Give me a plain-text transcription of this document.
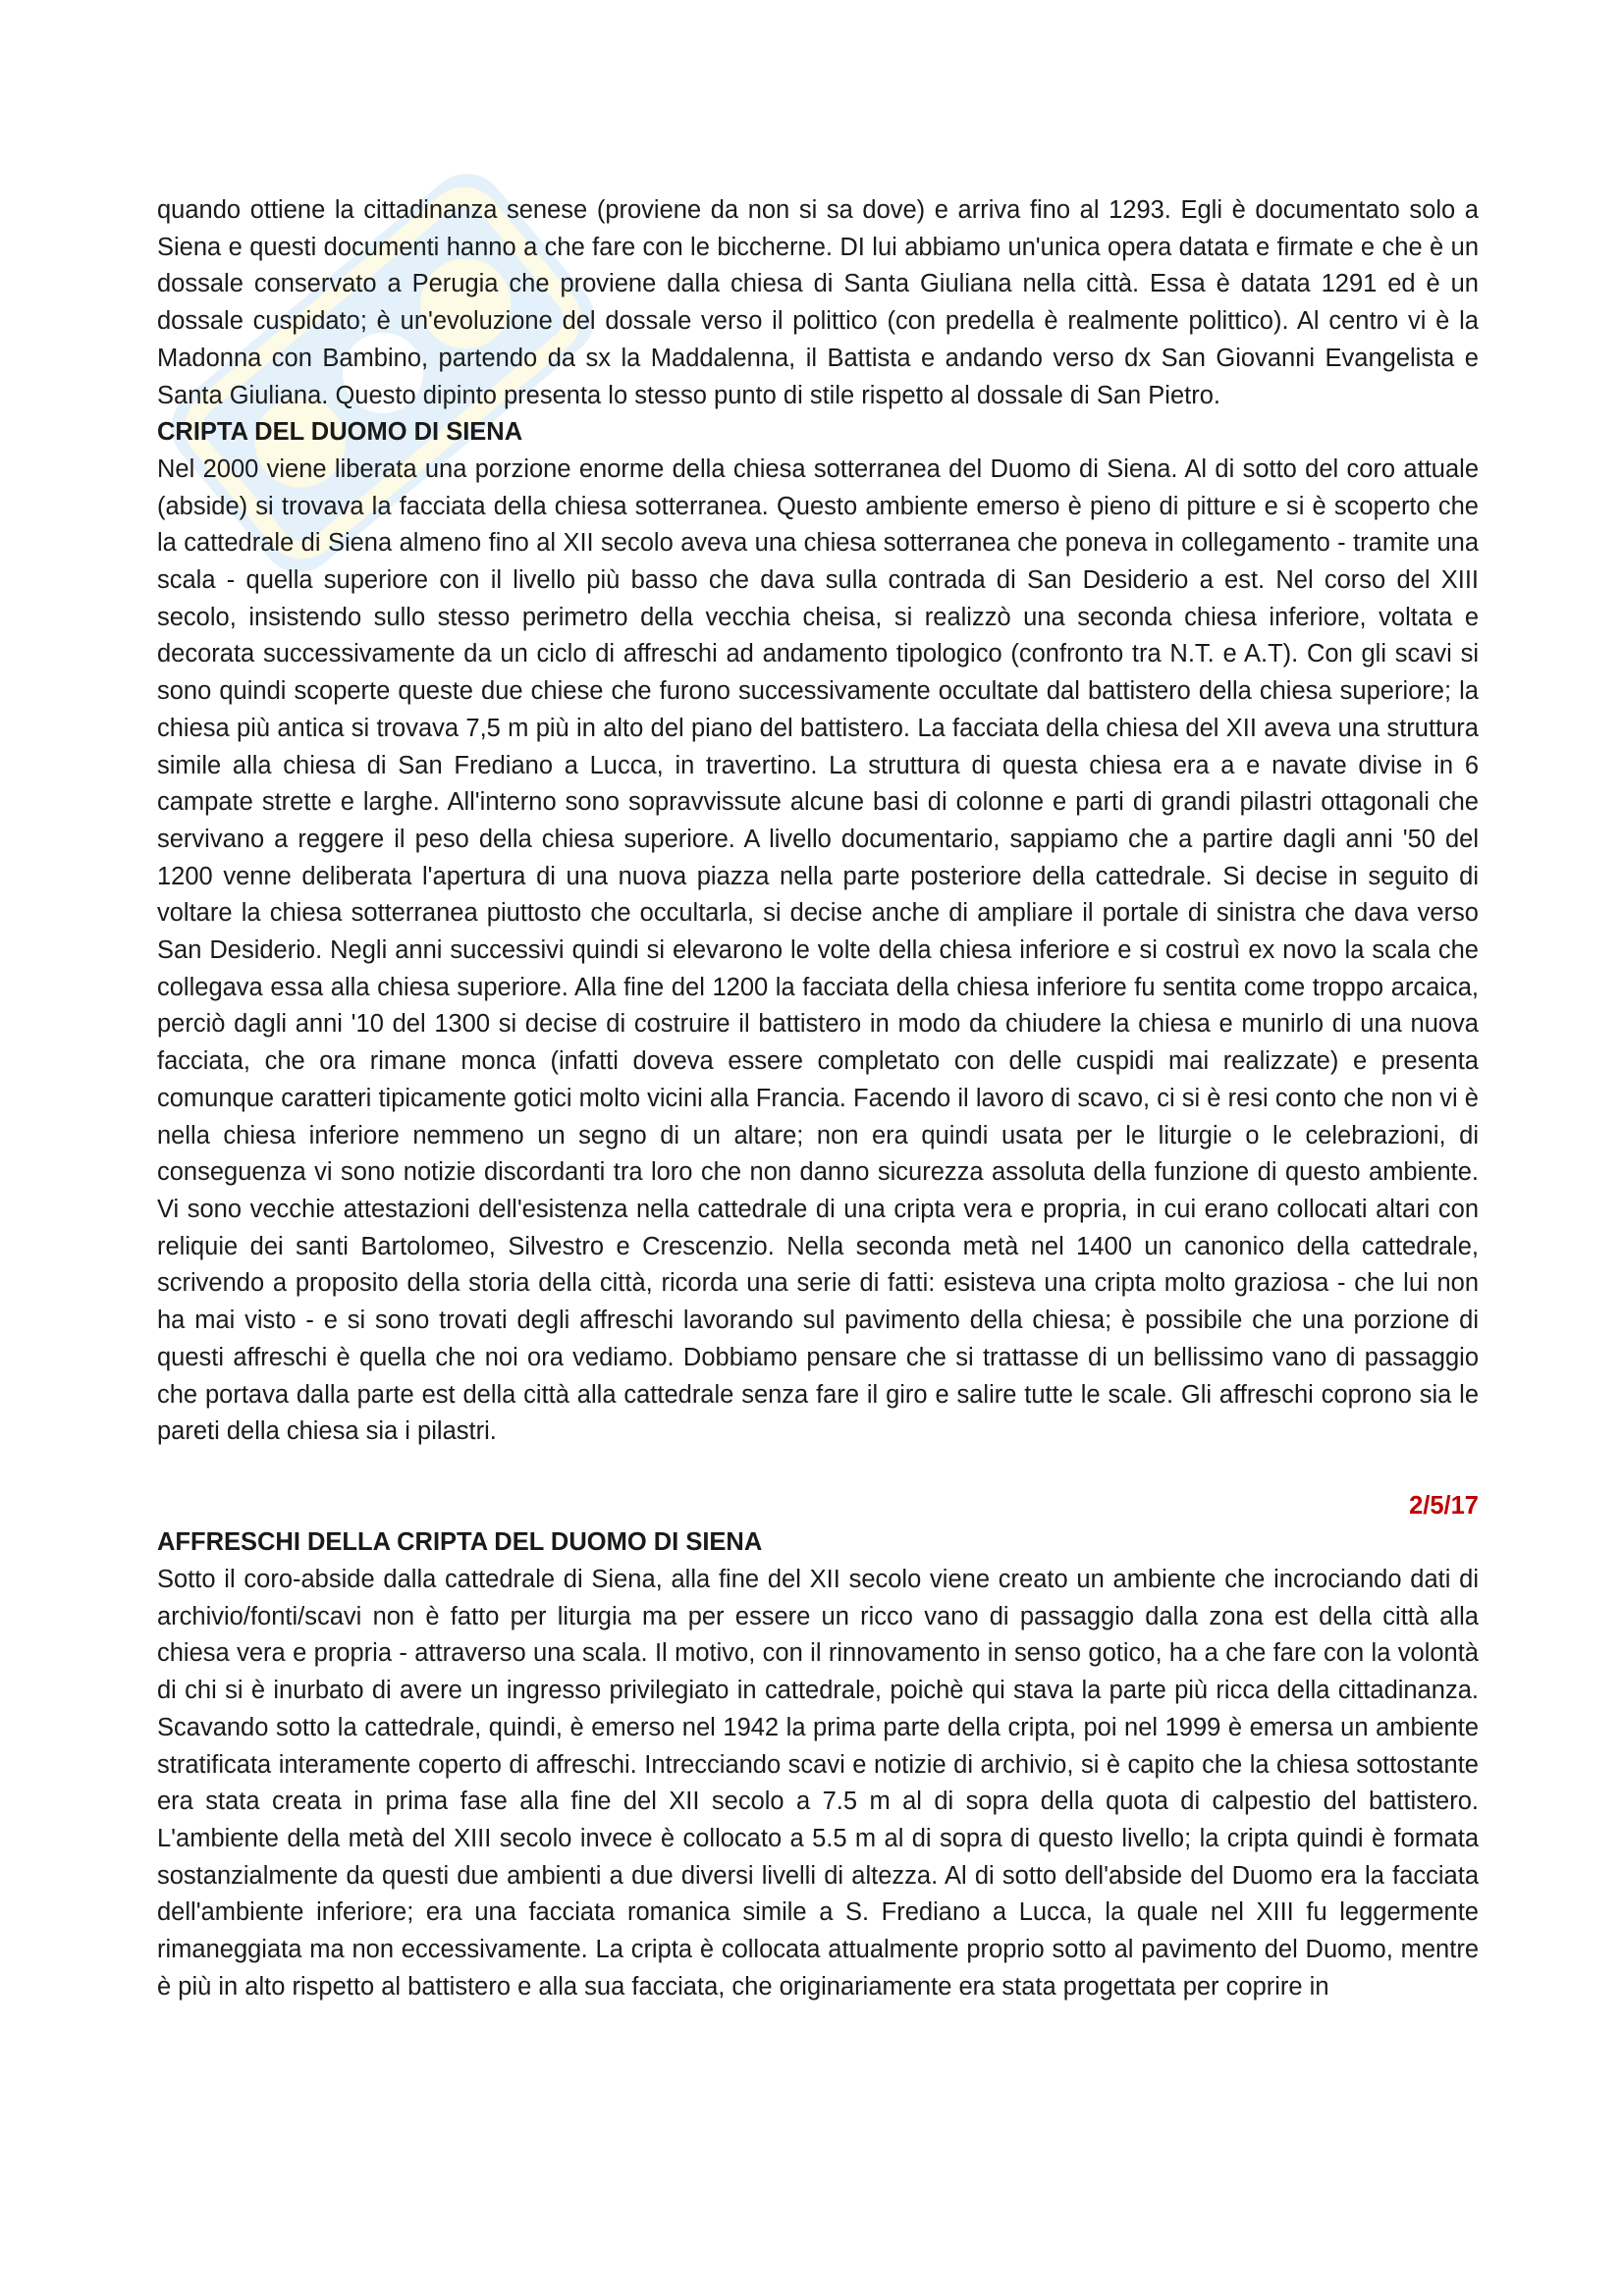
quando ottiene la cittadinanza senese (proviene da non si sa dove) e arriva fino al 1293. Egli è documentato solo a Siena e questi documenti hanno a che fare con le biccherne. DI lui abbiamo un'unica opera datata e firmate e che è un dossale conservato a Perugia che proviene dalla chiesa di Santa Giuliana nella città. Essa è datata 1291 ed è un dossale cuspidato; è un'evoluzione del dossale verso il polittico (con predella è realmente polittico). Al centro vi è la Madonna con Bambino, partendo da sx la Maddalenna, il Battista e andando verso dx San Giovanni Evangelista e Santa Giuliana. Questo dipinto presenta lo stesso punto di stile rispetto al dossale di San Pietro.

CRIPTA DEL DUOMO DI SIENA

Nel 2000 viene liberata una porzione enorme della chiesa sotterranea del Duomo di Siena. Al di sotto del coro attuale (abside) si trovava la facciata della chiesa sotterranea. Questo ambiente emerso è pieno di pitture e si è scoperto che la cattedrale di Siena almeno fino al XII secolo aveva una chiesa sotterranea che poneva in collegamento - tramite una scala - quella superiore con il livello più basso che dava sulla contrada di San Desiderio a est. Nel corso del XIII secolo, insistendo sullo stesso perimetro della vecchia cheisa, si realizzò una seconda chiesa inferiore, voltata e decorata successivamente da un ciclo di affreschi ad andamento tipologico (confronto tra N.T. e A.T). Con gli scavi si sono quindi scoperte queste due chiese che furono successivamente occultate dal battistero della chiesa superiore; la chiesa più antica si trovava 7,5 m più in alto del piano del battistero. La facciata della chiesa del XII aveva una struttura simile alla chiesa di San Frediano a Lucca, in travertino. La struttura di questa chiesa era a e navate divise in 6 campate strette e larghe. All'interno sono sopravvissute alcune basi di colonne e parti di grandi pilastri ottagonali che servivano a reggere il peso della chiesa superiore. A livello documentario, sappiamo che a partire dagli anni '50 del 1200 venne deliberata l'apertura di una nuova piazza nella parte posteriore della cattedrale. Si decise in seguito di voltare la chiesa sotterranea piuttosto che occultarla, si decise anche di ampliare il portale di sinistra che dava verso San Desiderio. Negli anni successivi quindi si elevarono le volte della chiesa inferiore e si costruì ex novo la scala che collegava essa alla chiesa superiore. Alla fine del 1200 la facciata della chiesa inferiore fu sentita come troppo arcaica, perciò dagli anni '10 del 1300 si decise di costruire il battistero in modo da chiudere la chiesa e munirlo di una nuova facciata, che ora rimane monca (infatti doveva essere completato con delle cuspidi mai realizzate) e presenta comunque caratteri tipicamente gotici molto vicini alla Francia. Facendo il lavoro di scavo, ci si è resi conto che non vi è nella chiesa inferiore nemmeno un segno di un altare; non era quindi usata per le liturgie o le celebrazioni, di conseguenza vi sono notizie discordanti tra loro che non danno sicurezza assoluta della funzione di questo ambiente. Vi sono vecchie attestazioni dell'esistenza nella cattedrale di una cripta vera e propria, in cui erano collocati altari con reliquie dei santi Bartolomeo, Silvestro e Crescenzio. Nella seconda metà nel 1400 un canonico della cattedrale, scrivendo a proposito della storia della città, ricorda una serie di fatti: esisteva una cripta molto graziosa - che lui non ha mai visto - e si sono trovati degli affreschi lavorando sul pavimento della chiesa; è possibile che una porzione di questi affreschi è quella che noi ora vediamo. Dobbiamo pensare che si trattasse di un bellissimo vano di passaggio che portava dalla parte est della città alla cattedrale senza fare il giro e salire tutte le scale. Gli affreschi coprono sia le pareti della chiesa sia i pilastri.

2/5/17
AFFRESCHI DELLA CRIPTA DEL DUOMO DI SIENA

Sotto il coro-abside dalla cattedrale di Siena, alla fine del XII secolo viene creato un ambiente che incrociando dati di archivio/fonti/scavi non è fatto per liturgia ma per essere un ricco vano di passaggio dalla zona est della città alla chiesa vera e propria - attraverso una scala. Il motivo, con il rinnovamento in senso gotico, ha a che fare con la volontà di chi si è inurbato di avere un ingresso privilegiato in cattedrale, poichè qui stava la parte più ricca della cittadinanza. Scavando sotto la cattedrale, quindi, è emerso nel 1942 la prima parte della cripta, poi nel 1999 è emersa un ambiente stratificata interamente coperto di affreschi. Intrecciando scavi e notizie di archivio, si è capito che la chiesa sottostante era stata creata in prima fase alla fine del XII secolo a 7.5 m al di sopra della quota di calpestio del battistero. L'ambiente della metà del XIII secolo invece è collocato a 5.5 m al di sopra di questo livello; la cripta quindi è formata sostanzialmente da questi due ambienti a due diversi livelli di altezza. Al di sotto dell'abside del Duomo era la facciata dell'ambiente inferiore; era una facciata romanica simile a S. Frediano a Lucca, la quale nel XIII fu leggermente rimaneggiata ma non eccessivamente. La cripta è collocata attualmente proprio sotto al pavimento del Duomo, mentre è più in alto rispetto al battistero e alla sua facciata, che originariamente era stata progettata per coprire in
